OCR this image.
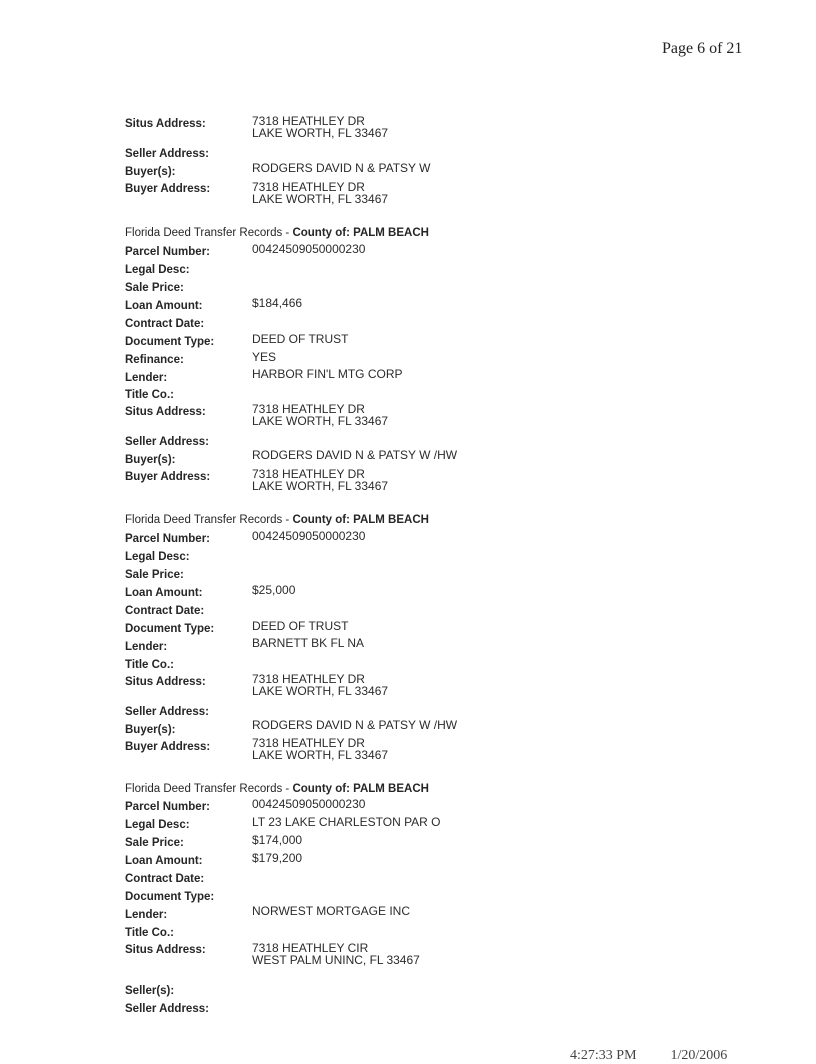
Page 6 of 21
Situs Address:	7318 HEATHLEY DR
LAKE WORTH, FL 33467
Seller Address:
Buyer(s):	RODGERS DAVID N & PATSY W
Buyer Address:	7318 HEATHLEY DR
LAKE WORTH, FL 33467
Florida Deed Transfer Records - County of: PALM BEACH
Parcel Number:	00424509050000230
Legal Desc:
Sale Price:
Loan Amount:	$184,466
Contract Date:
Document Type:	DEED OF TRUST
Refinance:	YES
Lender:	HARBOR FIN'L MTG CORP
Title Co.:
Situs Address:	7318 HEATHLEY DR
LAKE WORTH, FL 33467
Seller Address:
Buyer(s):	RODGERS DAVID N & PATSY W /HW
Buyer Address:	7318 HEATHLEY DR
LAKE WORTH, FL 33467
Florida Deed Transfer Records - County of: PALM BEACH
Parcel Number:	00424509050000230
Legal Desc:
Sale Price:
Loan Amount:	$25,000
Contract Date:
Document Type:	DEED OF TRUST
Lender:	BARNETT BK FL NA
Title Co.:
Situs Address:	7318 HEATHLEY DR
LAKE WORTH, FL 33467
Seller Address:
Buyer(s):	RODGERS DAVID N & PATSY W /HW
Buyer Address:	7318 HEATHLEY DR
LAKE WORTH, FL 33467
Florida Deed Transfer Records - County of: PALM BEACH
Parcel Number:	00424509050000230
Legal Desc:	LT 23 LAKE CHARLESTON PAR O
Sale Price:	$174,000
Loan Amount:	$179,200
Contract Date:
Document Type:
Lender:	NORWEST MORTGAGE INC
Title Co.:
Situs Address:	7318 HEATHLEY CIR
WEST PALM UNINC, FL 33467
Seller(s):
Seller Address:
4:27:33 PM 1/20/2006
